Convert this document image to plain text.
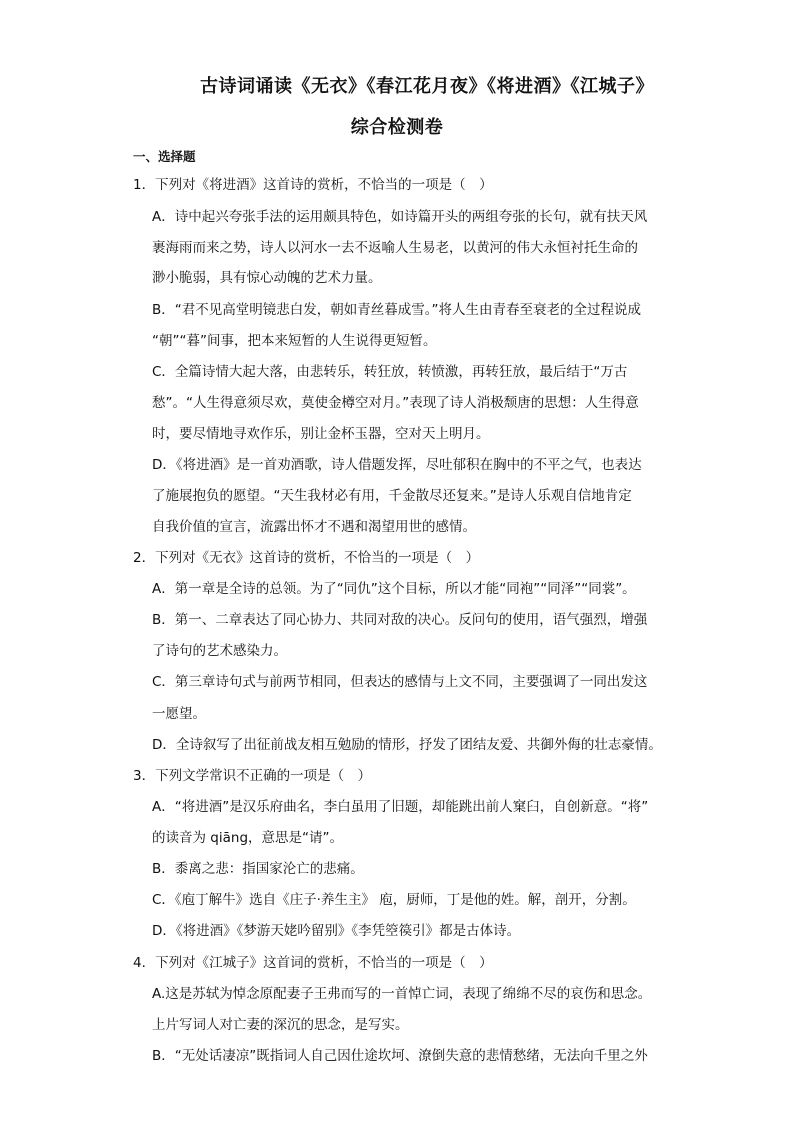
古诗词诵读《无衣》《春江花月夜》《将进酒》《江城子》
综合检测卷
一、选择题
1．下列对《将进酒》这首诗的赏析，不恰当的一项是（　）
A．诗中起兴夸张手法的运用颇具特色，如诗篇开头的两组夸张的长句，就有扶天风
裹海雨而来之势，诗人以河水一去不返喻人生易老，以黄河的伟大永恒衬托生命的
渺小脆弱，具有惊心动魄的艺术力量。
B．“君不见高堂明镜悲白发，朝如青丝暮成雪。”将人生由青春至衰老的全过程说成
“朝”“暮”间事，把本来短暂的人生说得更短暂。
C．全篇诗情大起大落，由悲转乐，转狂放，转愤激，再转狂放，最后结于“万古
愁”。“人生得意须尽欢，莫使金樽空对月。”表现了诗人消极颓唐的思想：人生得意
时，要尽情地寻欢作乐，别让金杯玉器，空对天上明月。
D．《将进酒》是一首劝酒歌，诗人借题发挥，尽吐郁积在胸中的不平之气，也表达
了施展抱负的愿望。“天生我材必有用，千金散尽还复来。”是诗人乐观自信地肯定
自我价值的宣言，流露出怀才不遇和渴望用世的感情。
2．下列对《无衣》这首诗的赏析，不恰当的一项是（　）
A．第一章是全诗的总领。为了“同仇”这个目标，所以才能“同袍”“同泽”“同裳”。
B．第一、二章表达了同心协力、共同对敌的决心。反问句的使用，语气强烈，增强
了诗句的艺术感染力。
C．第三章诗句式与前两节相同，但表达的感情与上文不同，主要强调了一同出发这
一愿望。
D．全诗叙写了出征前战友相互勉励的情形，抒发了团结友爱、共御外侮的壮志豪情。
3．下列文学常识不正确的一项是（　）
A．“将进酒”是汉乐府曲名，李白虽用了旧题，却能跳出前人窠臼，自创新意。“将”
的读音为 qiāng，意思是“请”。
B．黍离之悲：指国家沦亡的悲痛。
C．《庖丁解牛》选自《庄子·养生主》 庖，厨师，丁是他的姓。解，剖开，分割。
D．《将进酒》《梦游天姥吟留别》《李凭箜篌引》都是古体诗。
4．下列对《江城子》这首词的赏析，不恰当的一项是（　）
A.这是苏轼为悼念原配妻子王弗而写的一首悼亡词，表现了绵绵不尽的哀伤和思念。
上片写词人对亡妻的深沉的思念，是写实。
B．“无处话凄凉”既指词人自己因仕途坎坷、潦倒失意的悲情愁绪，无法向千里之外
